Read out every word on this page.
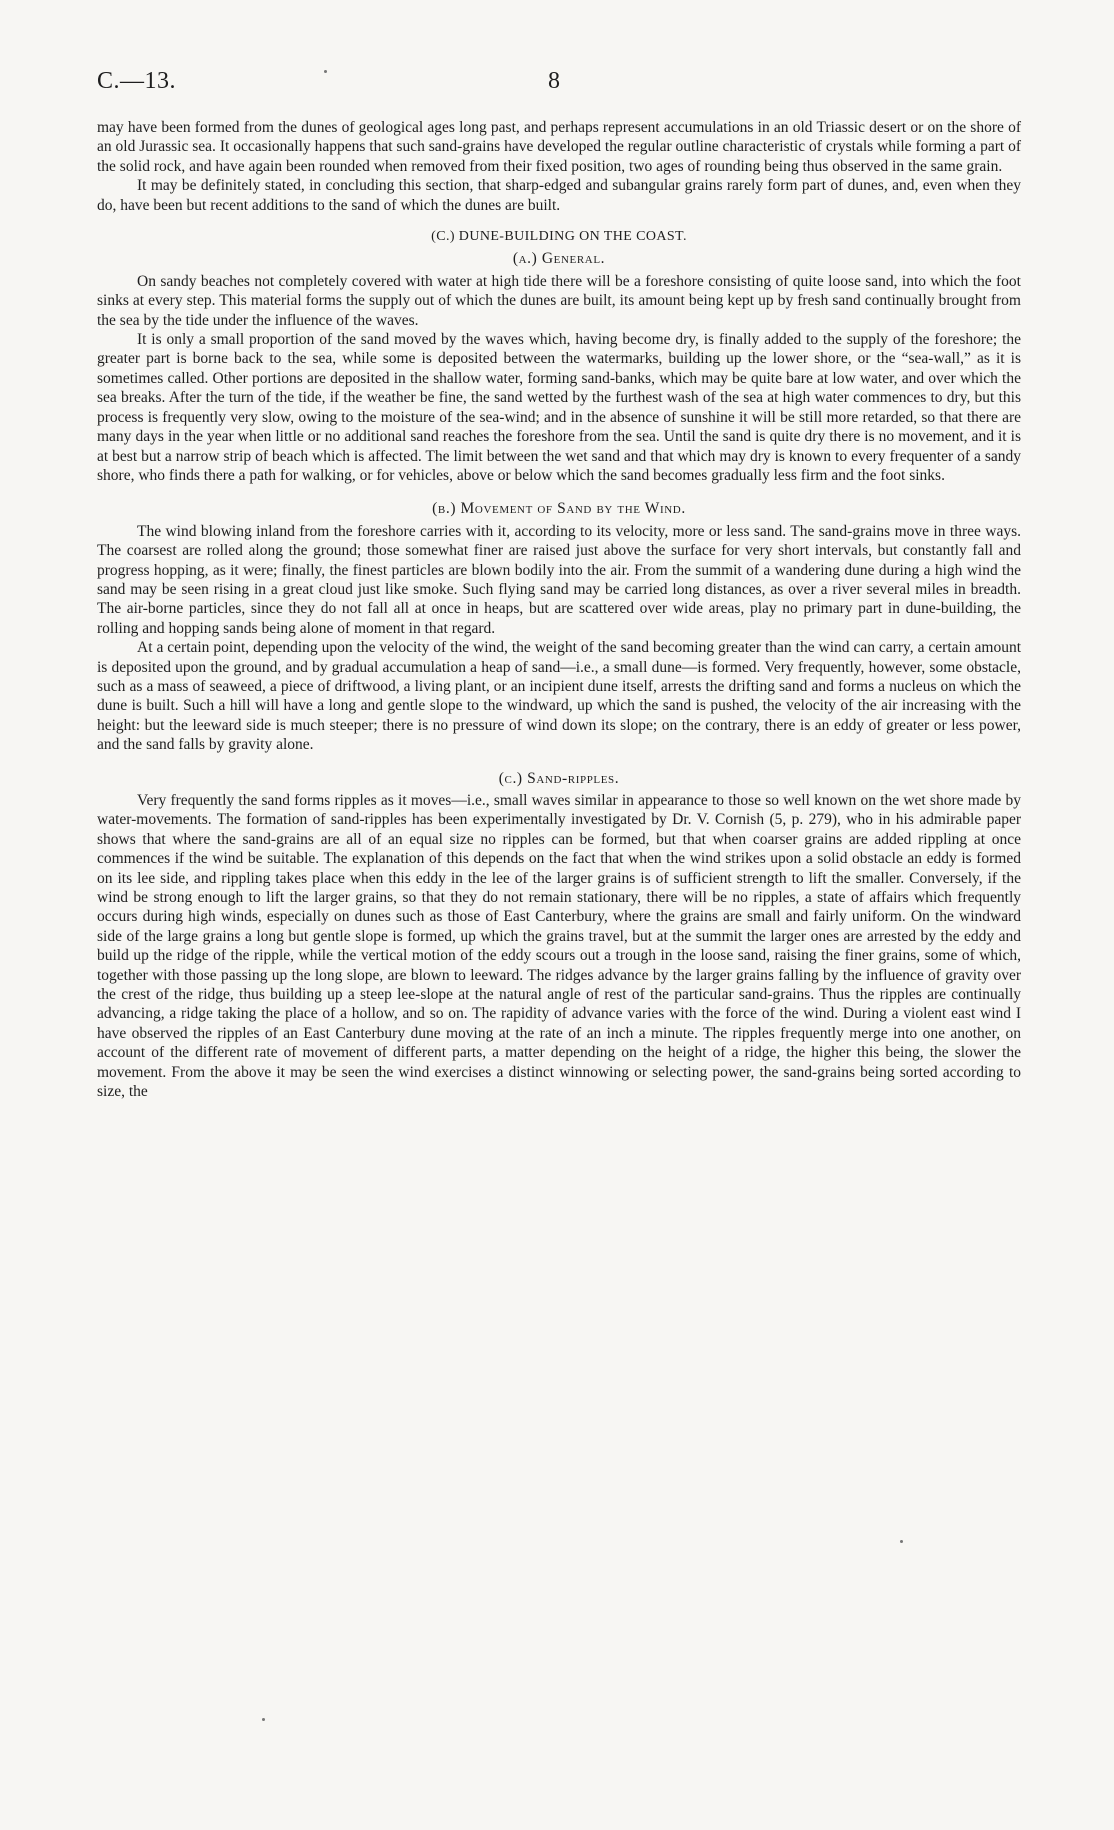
C.—13.	8

may have been formed from the dunes of geological ages long past, and perhaps represent accumulations in an old Triassic desert or on the shore of an old Jurassic sea. It occasionally happens that such sand-grains have developed the regular outline characteristic of crystals while forming a part of the solid rock, and have again been rounded when removed from their fixed position, two ages of rounding being thus observed in the same grain.

It may be definitely stated, in concluding this section, that sharp-edged and subangular grains rarely form part of dunes, and, even when they do, have been but recent additions to the sand of which the dunes are built.

(C.) DUNE-BUILDING ON THE COAST.

(a.) General.

On sandy beaches not completely covered with water at high tide there will be a foreshore consisting of quite loose sand, into which the foot sinks at every step. This material forms the supply out of which the dunes are built, its amount being kept up by fresh sand continually brought from the sea by the tide under the influence of the waves.

It is only a small proportion of the sand moved by the waves which, having become dry, is finally added to the supply of the foreshore; the greater part is borne back to the sea, while some is deposited between the watermarks, building up the lower shore, or the “sea-wall,” as it is sometimes called. Other portions are deposited in the shallow water, forming sand-banks, which may be quite bare at low water, and over which the sea breaks. After the turn of the tide, if the weather be fine, the sand wetted by the furthest wash of the sea at high water commences to dry, but this process is frequently very slow, owing to the moisture of the sea-wind; and in the absence of sunshine it will be still more retarded, so that there are many days in the year when little or no additional sand reaches the foreshore from the sea. Until the sand is quite dry there is no movement, and it is at best but a narrow strip of beach which is affected. The limit between the wet sand and that which may dry is known to every frequenter of a sandy shore, who finds there a path for walking, or for vehicles, above or below which the sand becomes gradually less firm and the foot sinks.

(b.) Movement of Sand by the Wind.

The wind blowing inland from the foreshore carries with it, according to its velocity, more or less sand. The sand-grains move in three ways. The coarsest are rolled along the ground; those somewhat finer are raised just above the surface for very short intervals, but constantly fall and progress hopping, as it were; finally, the finest particles are blown bodily into the air. From the summit of a wandering dune during a high wind the sand may be seen rising in a great cloud just like smoke. Such flying sand may be carried long distances, as over a river several miles in breadth. The air-borne particles, since they do not fall all at once in heaps, but are scattered over wide areas, play no primary part in dune-building, the rolling and hopping sands being alone of moment in that regard.

At a certain point, depending upon the velocity of the wind, the weight of the sand becoming greater than the wind can carry, a certain amount is deposited upon the ground, and by gradual accumulation a heap of sand—i.e., a small dune—is formed. Very frequently, however, some obstacle, such as a mass of seaweed, a piece of driftwood, a living plant, or an incipient dune itself, arrests the drifting sand and forms a nucleus on which the dune is built. Such a hill will have a long and gentle slope to the windward, up which the sand is pushed, the velocity of the air increasing with the height: but the leeward side is much steeper; there is no pressure of wind down its slope; on the contrary, there is an eddy of greater or less power, and the sand falls by gravity alone.

(c.) Sand-ripples.

Very frequently the sand forms ripples as it moves—i.e., small waves similar in appearance to those so well known on the wet shore made by water-movements. The formation of sand-ripples has been experimentally investigated by Dr. V. Cornish (5, p. 279), who in his admirable paper shows that where the sand-grains are all of an equal size no ripples can be formed, but that when coarser grains are added rippling at once commences if the wind be suitable. The explanation of this depends on the fact that when the wind strikes upon a solid obstacle an eddy is formed on its lee side, and rippling takes place when this eddy in the lee of the larger grains is of sufficient strength to lift the smaller. Conversely, if the wind be strong enough to lift the larger grains, so that they do not remain stationary, there will be no ripples, a state of affairs which frequently occurs during high winds, especially on dunes such as those of East Canterbury, where the grains are small and fairly uniform. On the windward side of the large grains a long but gentle slope is formed, up which the grains travel, but at the summit the larger ones are arrested by the eddy and build up the ridge of the ripple, while the vertical motion of the eddy scours out a trough in the loose sand, raising the finer grains, some of which, together with those passing up the long slope, are blown to leeward. The ridges advance by the larger grains falling by the influence of gravity over the crest of the ridge, thus building up a steep lee-slope at the natural angle of rest of the particular sand-grains. Thus the ripples are continually advancing, a ridge taking the place of a hollow, and so on. The rapidity of advance varies with the force of the wind. During a violent east wind I have observed the ripples of an East Canterbury dune moving at the rate of an inch a minute. The ripples frequently merge into one another, on account of the different rate of movement of different parts, a matter depending on the height of a ridge, the higher this being, the slower the movement. From the above it may be seen the wind exercises a distinct winnowing or selecting power, the sand-grains being sorted according to size, the
